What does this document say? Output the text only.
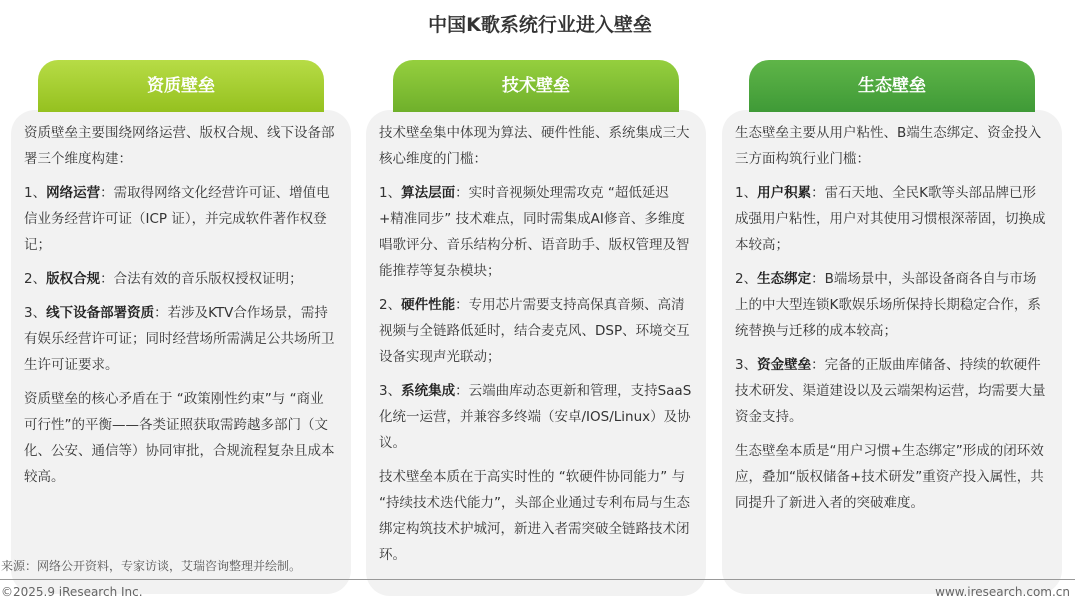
中国K歌系统行业进入壁垒
资质壁垒

资质壁垒主要围绕网络运营、版权合规、线下设备部署三个维度构建：

1、网络运营：需取得网络文化经营许可证、增值电信业务经营许可证（ICP 证），并完成软件著作权登记；

2、版权合规：合法有效的音乐版权授权证明；

3、线下设备部署资质：若涉及KTV合作场景，需持有娱乐经营许可证；同时经营场所需满足公共场所卫生许可证要求。

资质壁垒的核心矛盾在于 “政策刚性约束”与 “商业可行性”的平衡——各类证照获取需跨越多部门（文化、公安、通信等）协同审批，合规流程复杂且成本较高。

技术壁垒

技术壁垒集中体现为算法、硬件性能、系统集成三大核心维度的门槛：

1、算法层面：实时音视频处理需攻克 “超低延迟+精准同步” 技术难点，同时需集成AI修音、多维度唱歌评分、音乐结构分析、语音助手、版权管理及智能推荐等复杂模块；

2、硬件性能：专用芯片需要支持高保真音频、高清视频与全链路低延时，结合麦克风、DSP、环境交互设备实现声光联动；

3、系统集成：云端曲库动态更新和管理，支持SaaS化统一运营，并兼容多终端（安卓/IOS/Linux）及协议。

技术壁垒本质在于高实时性的 “软硬件协同能力” 与 “持续技术迭代能力”，头部企业通过专利布局与生态绑定构筑技术护城河，新进入者需突破全链路技术闭环。

生态壁垒

生态壁垒主要从用户粘性、B端生态绑定、资金投入三方面构筑行业门槛：

1、用户积累：雷石天地、全民K歌等头部品牌已形成强用户粘性，用户对其使用习惯根深蒂固，切换成本较高；

2、生态绑定：B端场景中，头部设备商各自与市场上的中大型连锁K歌娱乐场所保持长期稳定合作，系统替换与迁移的成本较高；

3、资金壁垒：完备的正版曲库储备、持续的软硬件技术研发、渠道建设以及云端架构运营，均需要大量资金支持。

生态壁垒本质是“用户习惯+生态绑定”形成的闭环效应，叠加“版权储备+技术研发”重资产投入属性，共同提升了新进入者的突破难度。

来源：网络公开资料，专家访谈，艾瑞咨询整理并绘制。
©2025.9 iResearch Inc.	www.iresearch.com.cn
